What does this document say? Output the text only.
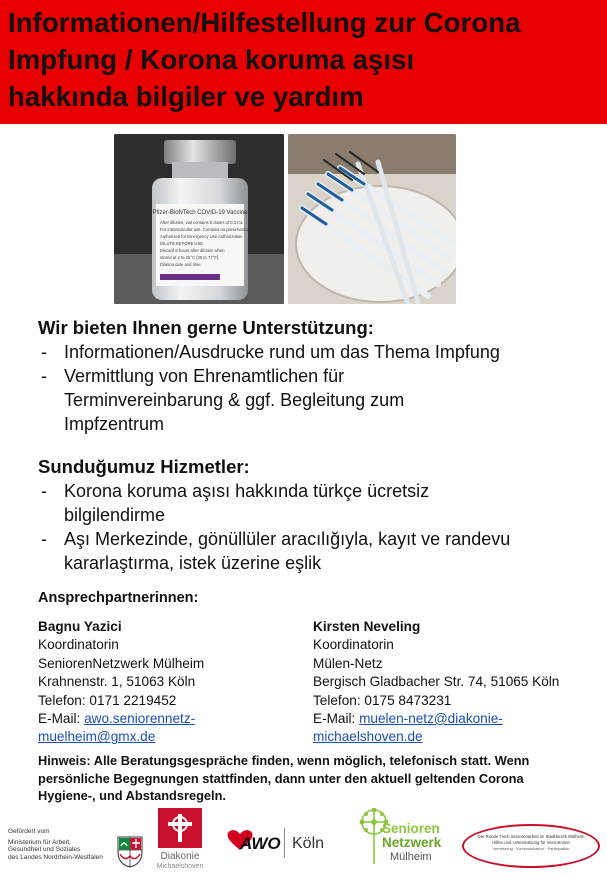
Informationen/Hilfestellung zur Corona
Impfung / Korona koruma aşısı
hakkında bilgiler ve yardım
Pfizer-BioNTech COVID-19 Vaccine
After dilution, vial contains 6 doses of 0.3 mL
For intramuscular use. Contains no preservative
Authorized for Emergency Use Authorization
DILUTE BEFORE USE.
Discard 6 hours after dilution when
stored at 2 to 25°C (35 to 77°F).
Dilution date and time:
Wir bieten Ihnen gerne Unterstützung:
- Informationen/Ausdrucke rund um das Thema Impfung
- Vermittlung von Ehrenamtlichen für Terminvereinbarung & ggf. Begleitung zum Impfzentrum
Sunduğumuz Hizmetler:
- Korona koruma aşısı hakkında türkçe ücretsiz bilgilendirme
- Aşı Merkezinde, gönüllüler aracılığıyla, kayıt ve randevu kararlaştırma, istek üzerine eşlik
Ansprechpartnerinnen:
Bagnu Yazici
Koordinatorin
SeniorenNetzwerk Mülheim
Krahnenstr. 1, 51063 Köln
Telefon: 0171 2219452
E-Mail: awo.seniorennetz-
muelheim@gmx.de
Kirsten Neveling
Koordinatorin
Mülen-Netz
Bergisch Gladbacher Str. 74, 51065 Köln
Telefon: 0175 8473231
E-Mail: muelen-netz@diakonie-
michaelshoven.de
Hinweis: Alle Beratungsgespräche finden, wenn möglich, telefonisch statt. Wenn persönliche Begegnungen stattfinden, dann unter den aktuell geltenden Corona Hygiene-, und Abstandsregeln.
Gefördert vom
Ministerium für Arbeit,
Gesundheit und Soziales
des Landes Nordrhein-Westfalen	Diakonie
Michaelshoven
AWO Köln
Senioren
Netzwerk
Mülheim
Der Runde Tisch Seniorenarbeit im Stadtbezirk Mülheim
Hilfen und Unterstützung für SeniorInnen
Vernetzung · Kommunikation · Partizipation
